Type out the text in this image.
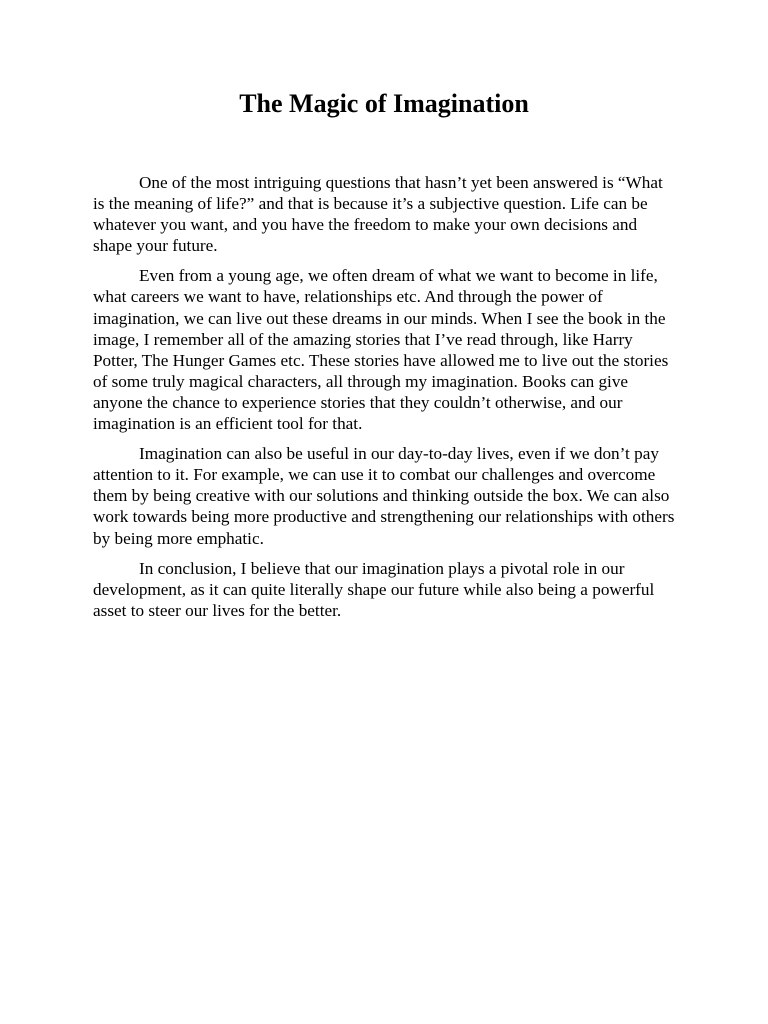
The Magic of Imagination

One of the most intriguing questions that hasn’t yet been answered is “What is the meaning of life?” and that is because it’s a subjective question. Life can be whatever you want, and you have the freedom to make your own decisions and shape your future.

Even from a young age, we often dream of what we want to become in life, what careers we want to have, relationships etc. And through the power of imagination, we can live out these dreams in our minds. When I see the book in the image, I remember all of the amazing stories that I’ve read through, like Harry Potter, The Hunger Games etc. These stories have allowed me to live out the stories of some truly magical characters, all through my imagination. Books can give anyone the chance to experience stories that they couldn’t otherwise, and our imagination is an efficient tool for that.

Imagination can also be useful in our day-to-day lives, even if we don’t pay attention to it. For example, we can use it to combat our challenges and overcome them by being creative with our solutions and thinking outside the box. We can also work towards being more productive and strengthening our relationships with others by being more emphatic.

In conclusion, I believe that our imagination plays a pivotal role in our development, as it can quite literally shape our future while also being a powerful asset to steer our lives for the better.
